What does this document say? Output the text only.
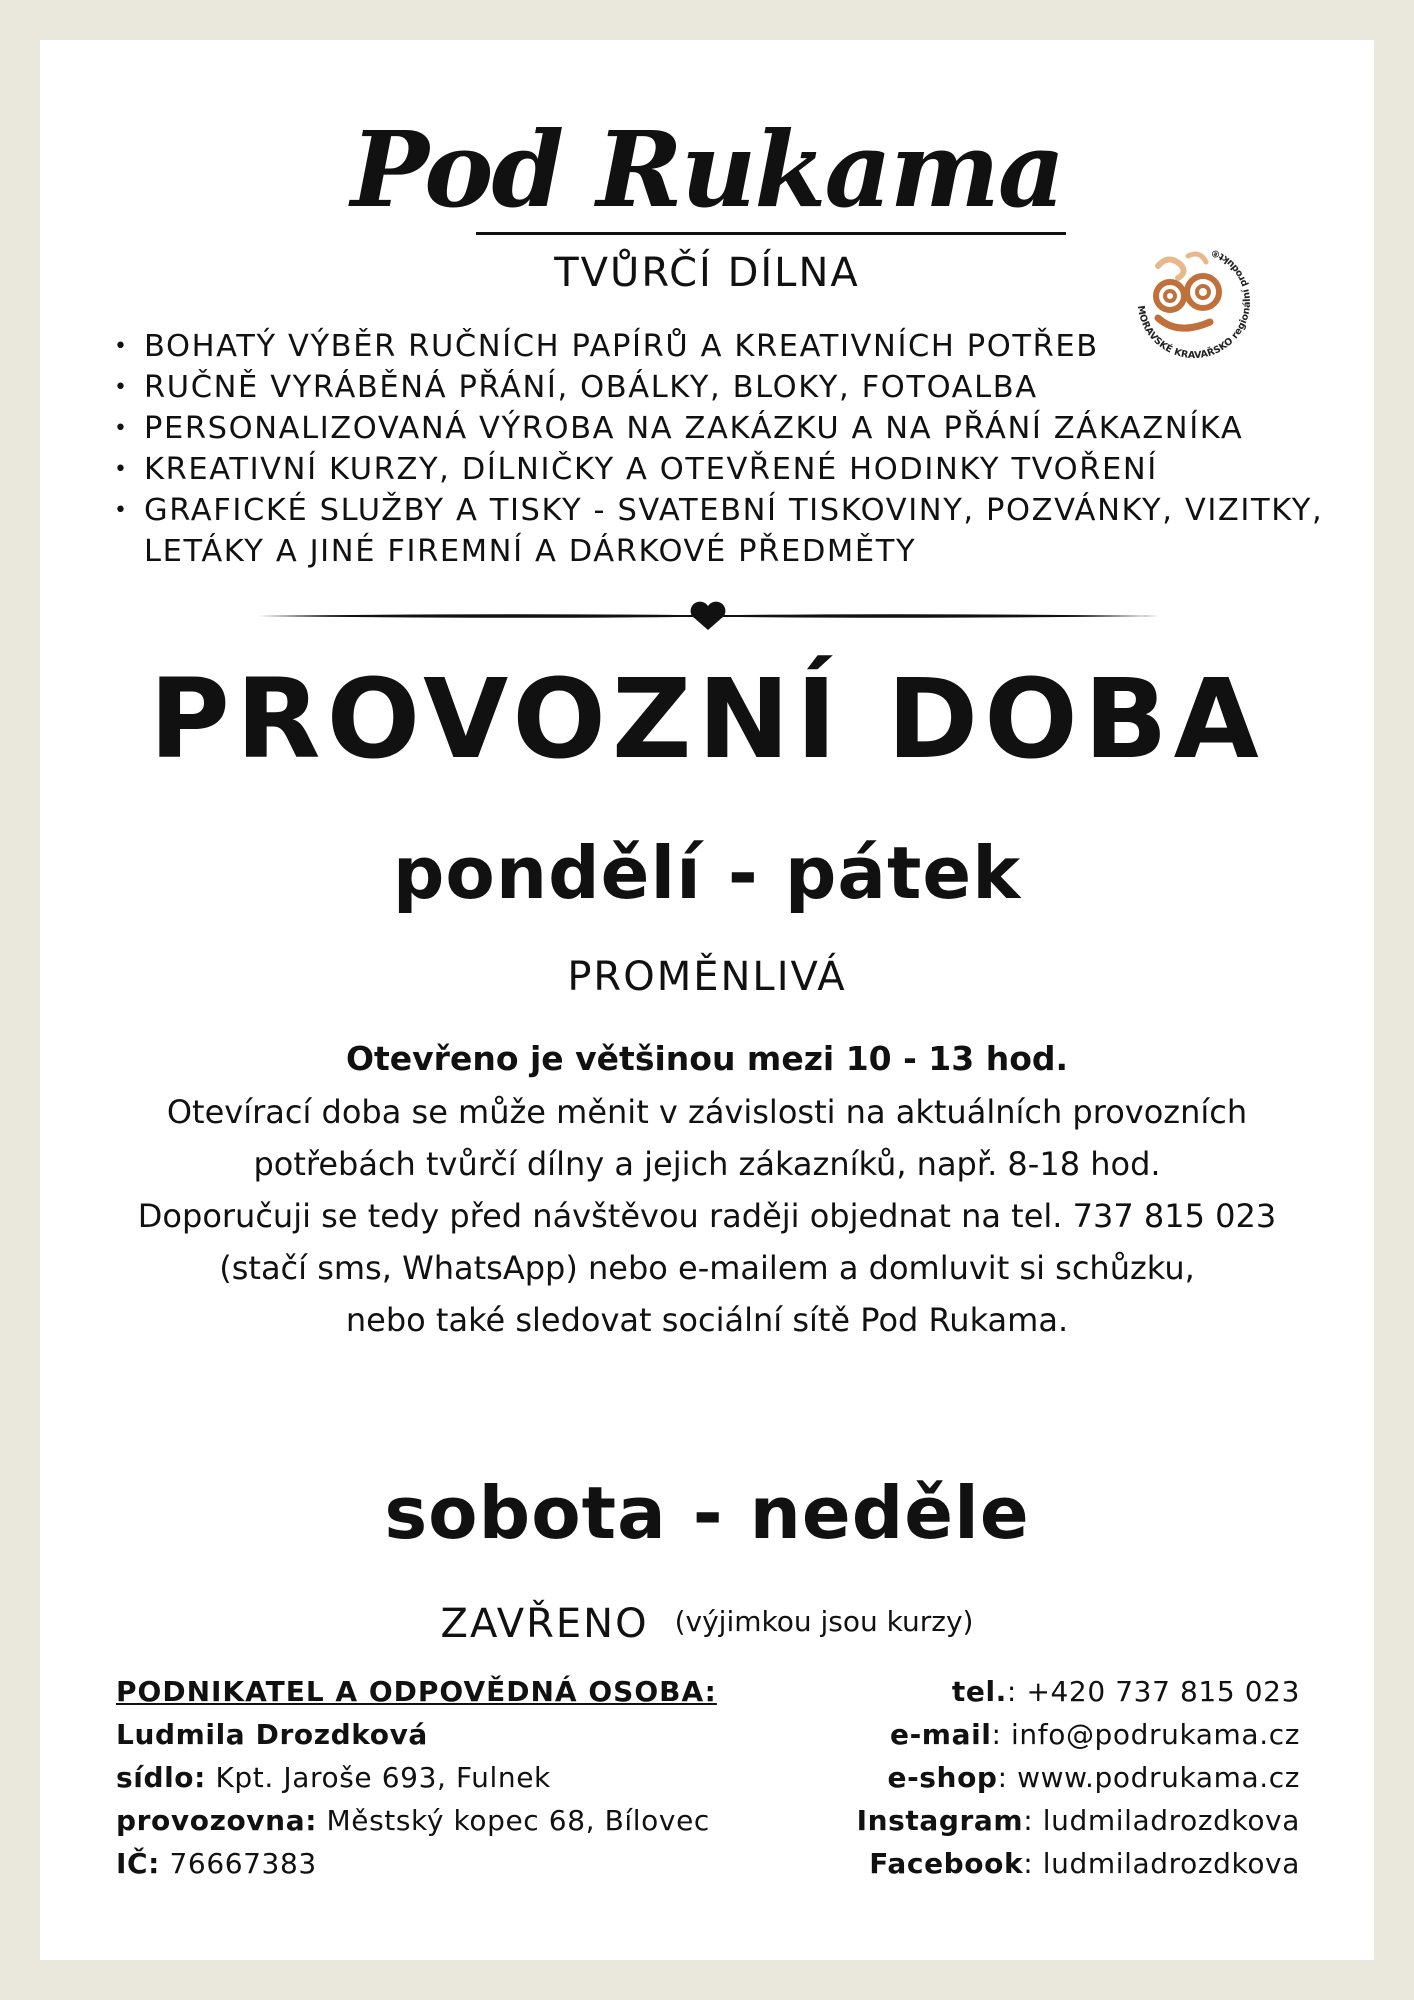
Pod Rukama
TVŮRČÍ DÍLNA
MORAVSKÉ KRAVAŘSKO regionální produkt®
• BOHATÝ VÝBĚR RUČNÍCH PAPÍRŮ A KREATIVNÍCH POTŘEB
• RUČNĚ VYRÁBĚNÁ PŘÁNÍ, OBÁLKY, BLOKY, FOTOALBA
• PERSONALIZOVANÁ VÝROBA NA ZAKÁZKU A NA PŘÁNÍ ZÁKAZNÍKA
• KREATIVNÍ KURZY, DÍLNIČKY A OTEVŘENÉ HODINKY TVOŘENÍ
• GRAFICKÉ SLUŽBY A TISKY - SVATEBNÍ TISKOVINY, POZVÁNKY, VIZITKY, LETÁKY A JINÉ FIREMNÍ A DÁRKOVÉ PŘEDMĚTY
PROVOZNÍ DOBA
pondělí - pátek
PROMĚNLIVÁ
Otevřeno je většinou mezi 10 - 13 hod.
Otevírací doba se může měnit v závislosti na aktuálních provozních
potřebách tvůrčí dílny a jejich zákazníků, např. 8-18 hod.
Doporučuji se tedy před návštěvou raději objednat na tel. 737 815 023
(stačí sms, WhatsApp) nebo e-mailem a domluvit si schůzku,
nebo také sledovat sociální sítě Pod Rukama.
sobota - neděle
ZAVŘENO (výjimkou jsou kurzy)
PODNIKATEL A ODPOVĚDNÁ OSOBA:
Ludmila Drozdková
sídlo: Kpt. Jaroše 693, Fulnek
provozovna: Městský kopec 68, Bílovec
IČ: 76667383
tel.: +420 737 815 023
e-mail: info@podrukama.cz
e-shop: www.podrukama.cz
Instagram: ludmiladrozdkova
Facebook: ludmiladrozdkova
